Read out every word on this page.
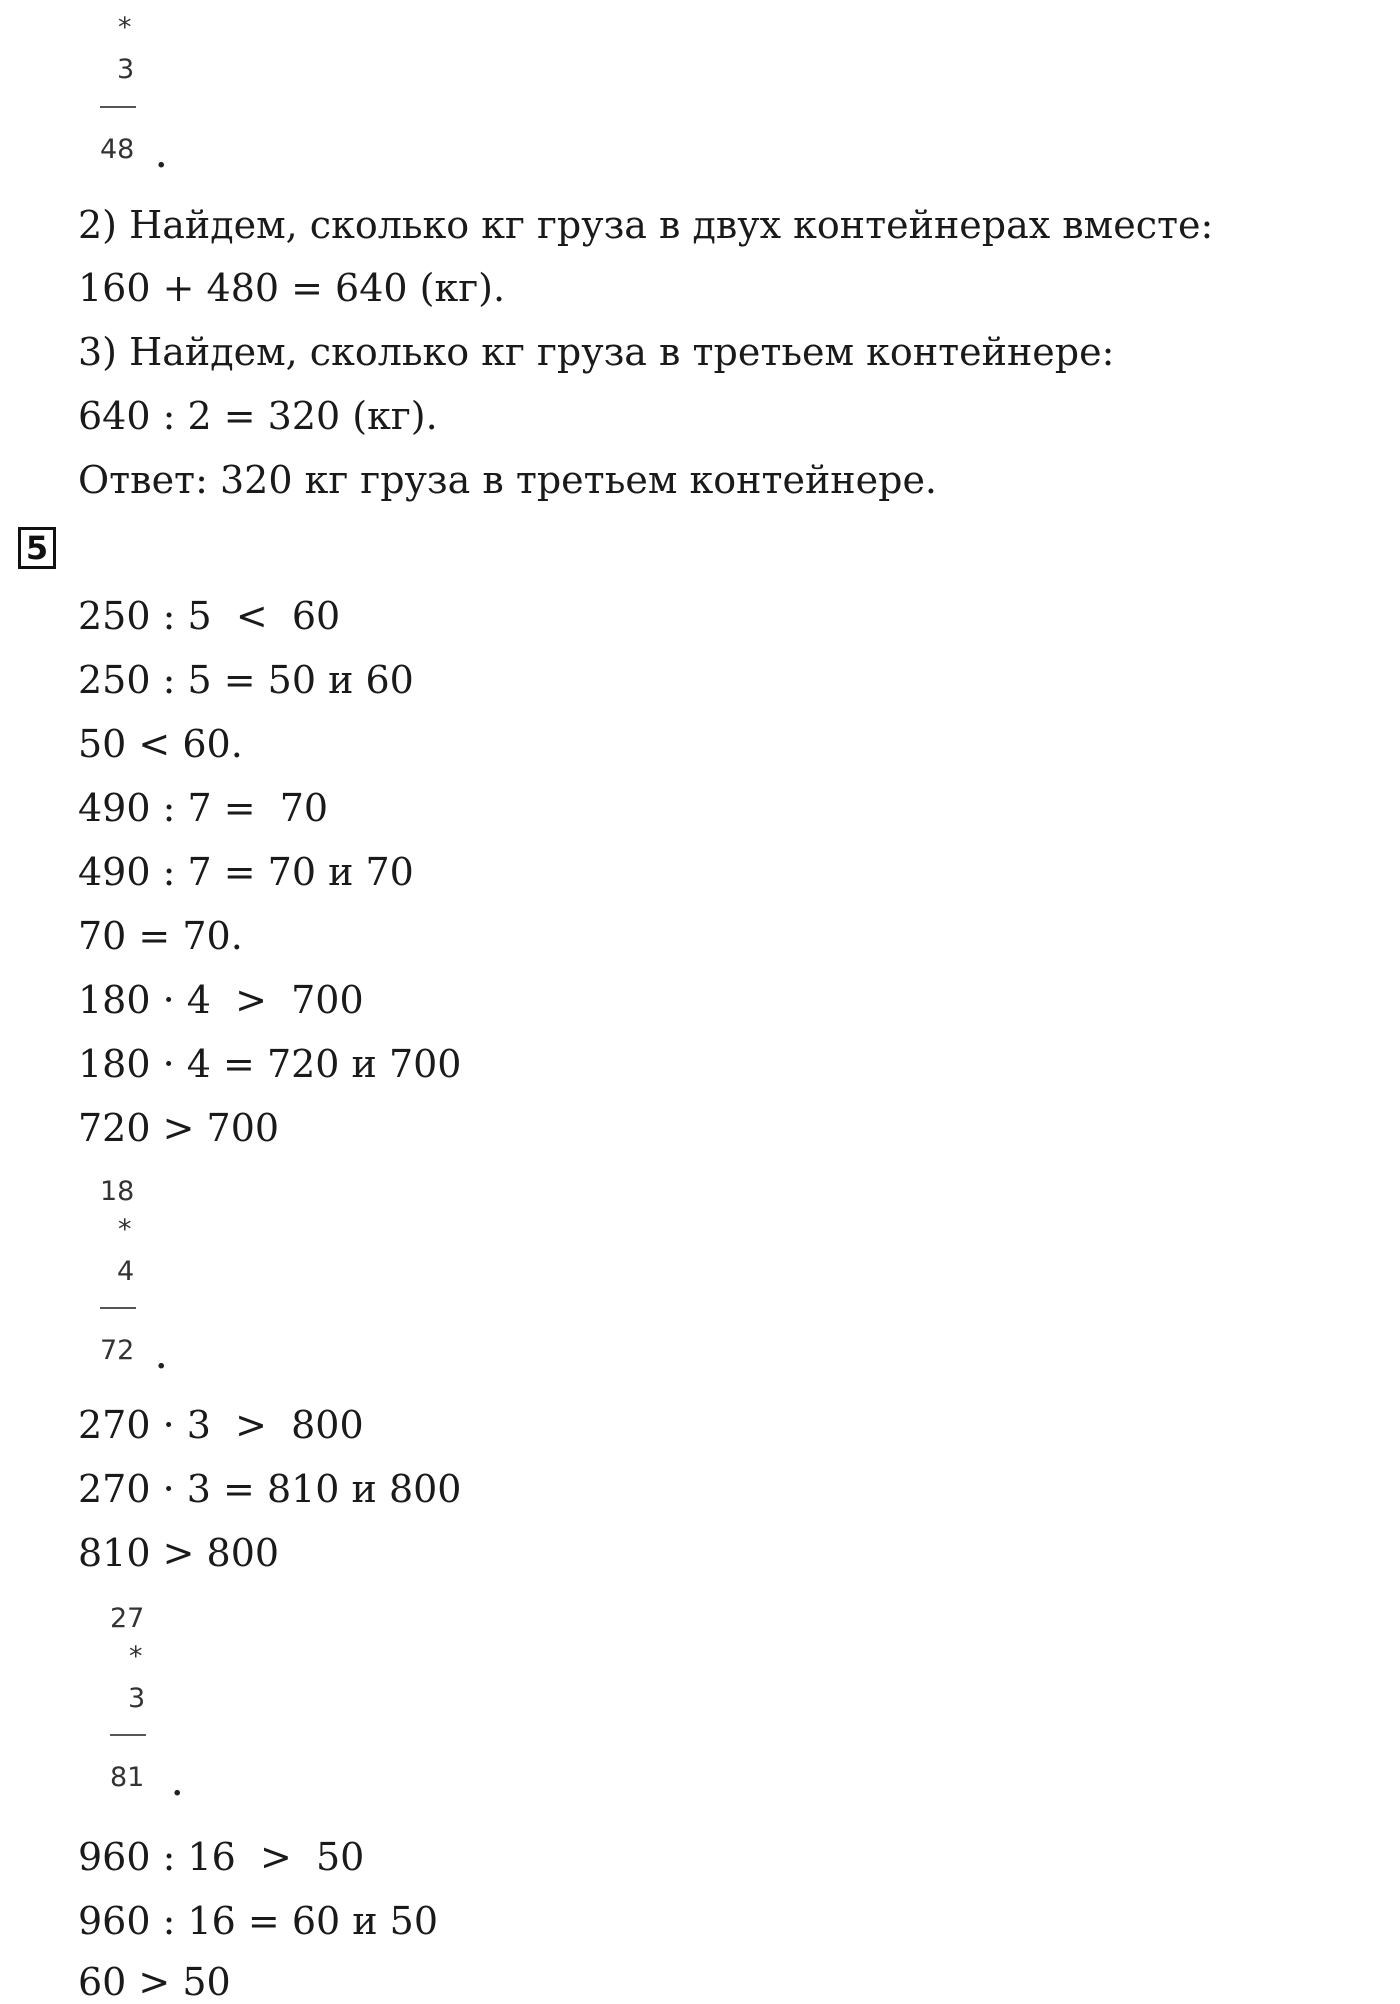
*
3
48 .
2) Найдем, сколько кг груза в двух контейнерах вместе:
160 + 480 = 640 (кг).
3) Найдем, сколько кг груза в третьем контейнере:
640 : 2 = 320 (кг).
Ответ: 320 кг груза в третьем контейнере.
5
250 : 5  <  60
250 : 5 = 50 и 60
50 < 60.
490 : 7 =  70
490 : 7 = 70 и 70
70 = 70.
180 · 4  >  700
180 · 4 = 720 и 700
720 > 700
18
*
4
72 .
270 · 3  >  800
270 · 3 = 810 и 800
810 > 800
27
*
3
81 .
960 : 16  >  50
960 : 16 = 60 и 50
60 > 50
